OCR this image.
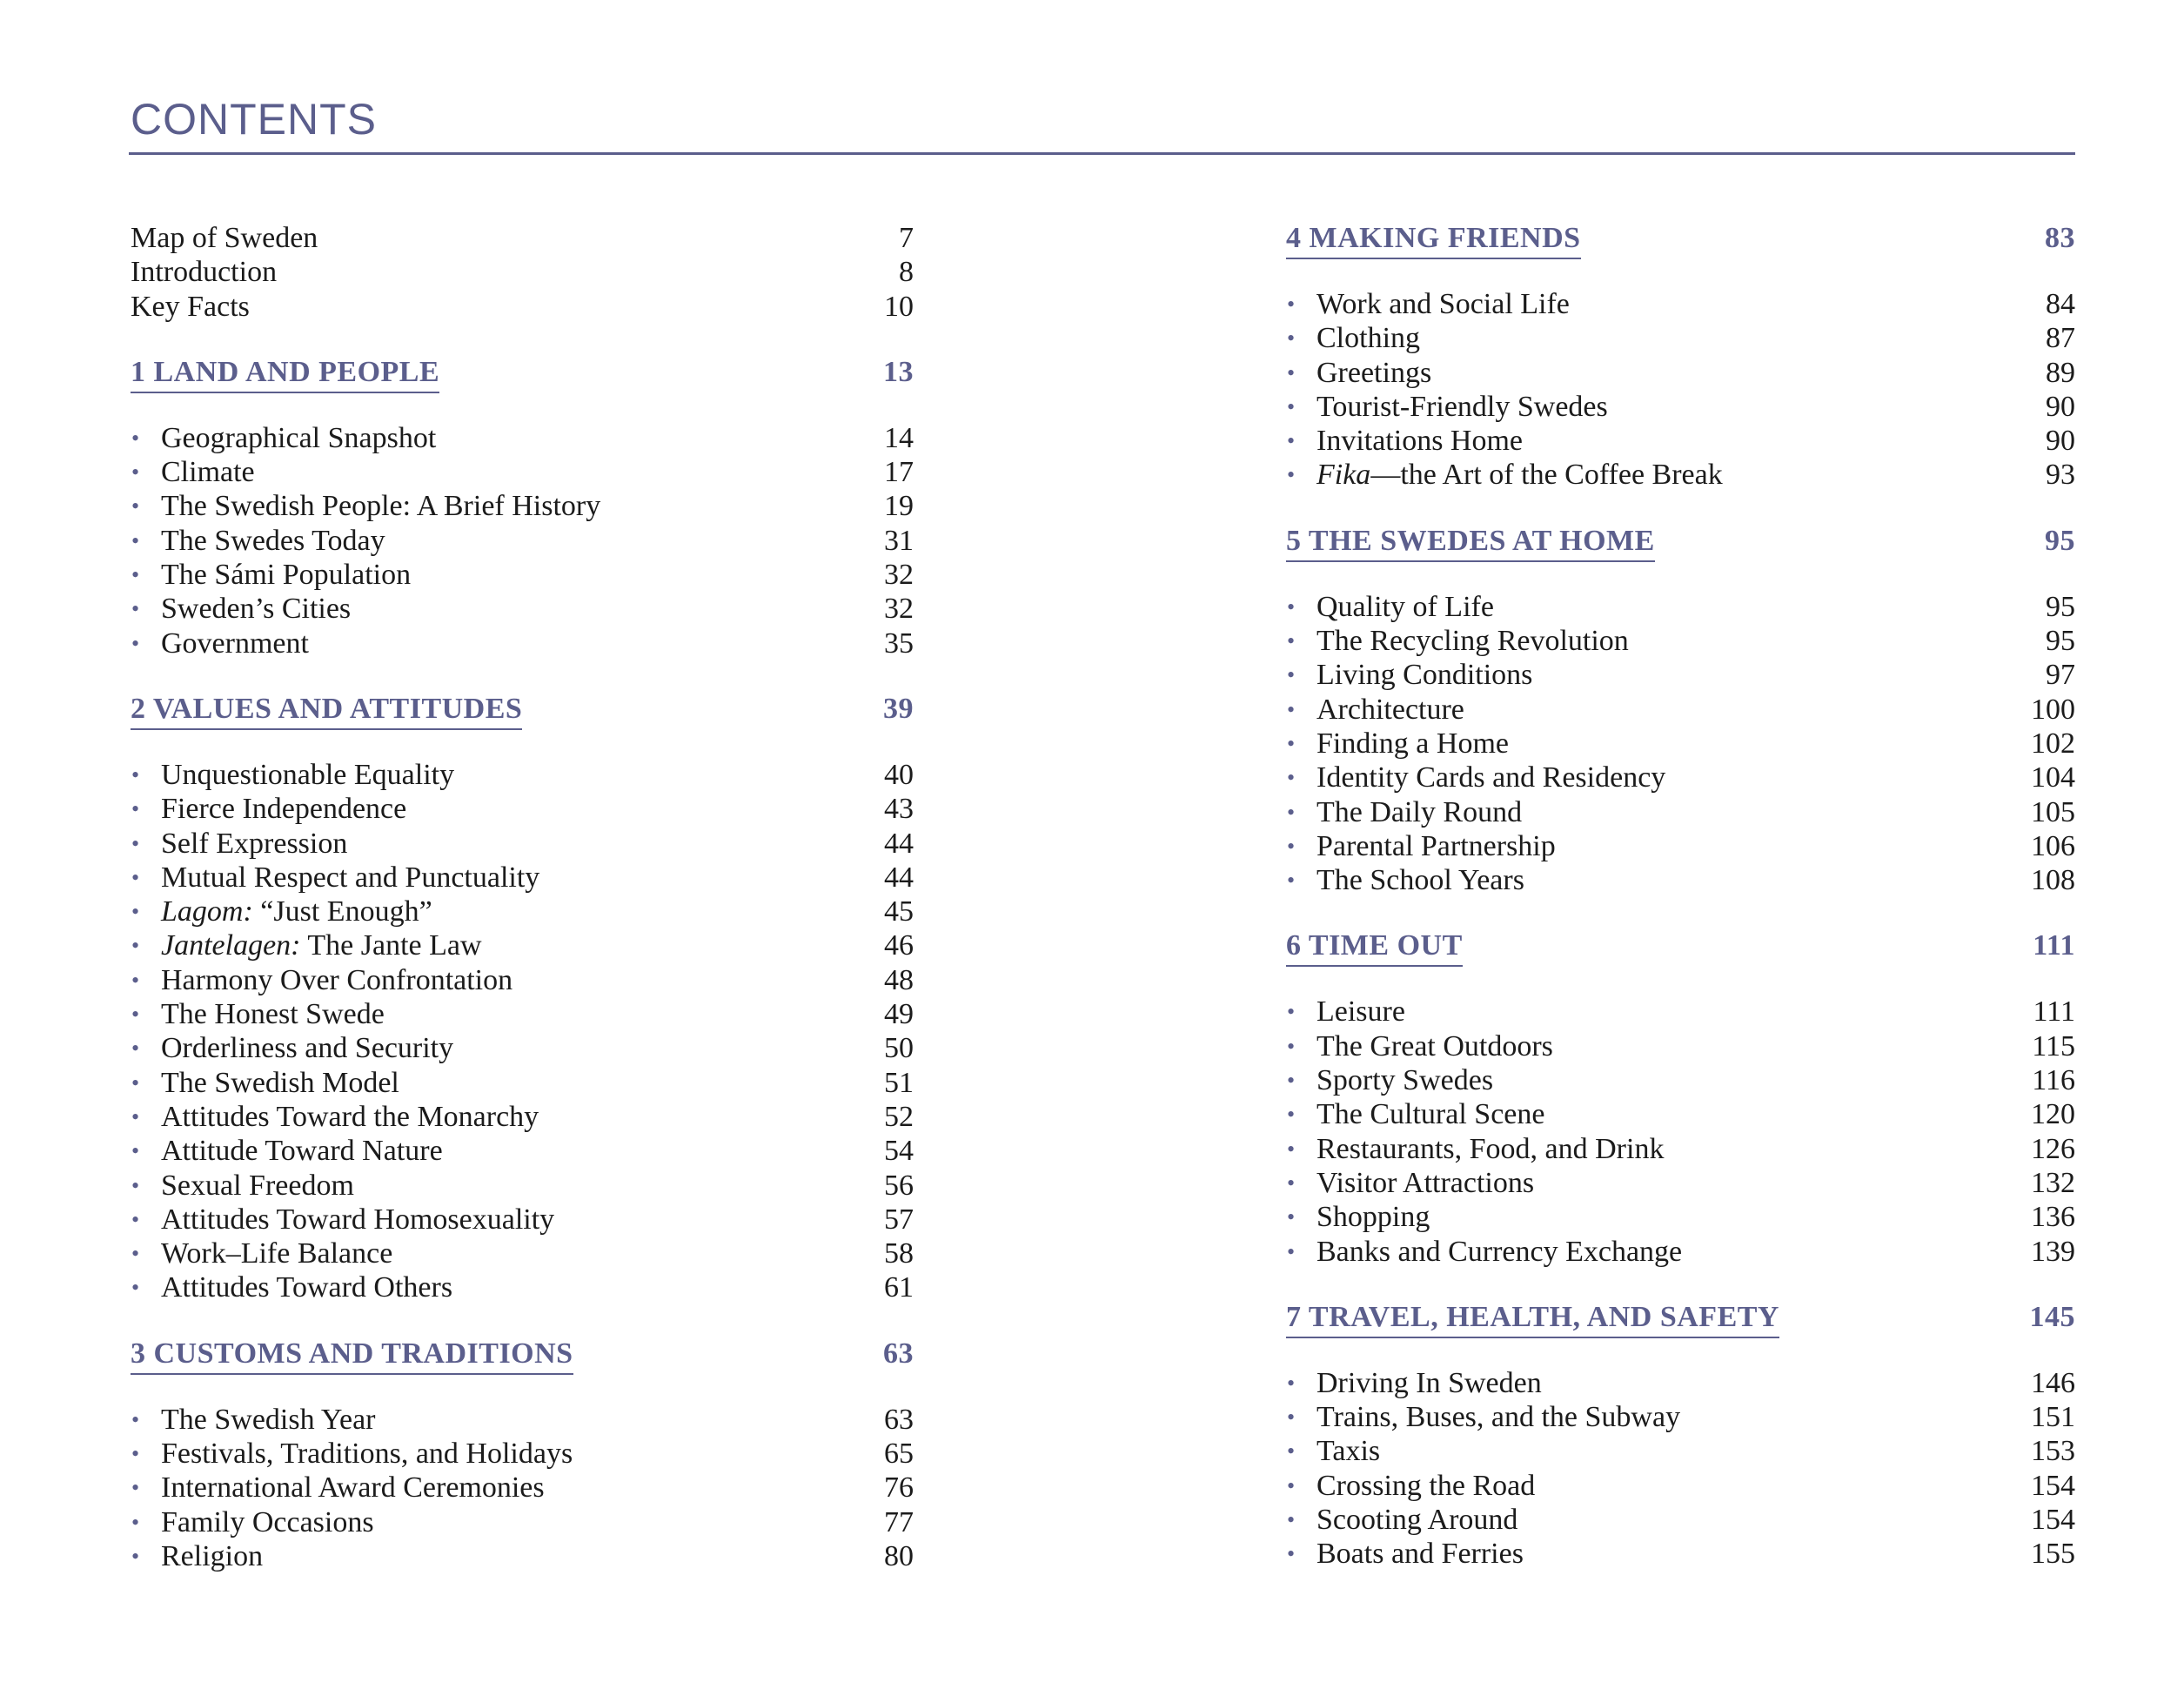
CONTENTS
Map of Sweden	7
Introduction	8
Key Facts	10
1 LAND AND PEOPLE	13
• Geographical Snapshot	14
• Climate	17
• The Swedish People: A Brief History	19
• The Swedes Today	31
• The Sámi Population	32
• Sweden’s Cities	32
• Government	35
2 VALUES AND ATTITUDES	39
• Unquestionable Equality	40
• Fierce Independence	43
• Self Expression	44
• Mutual Respect and Punctuality	44
• Lagom: “Just Enough”	45
• Jantelagen: The Jante Law	46
• Harmony Over Confrontation	48
• The Honest Swede	49
• Orderliness and Security	50
• The Swedish Model	51
• Attitudes Toward the Monarchy	52
• Attitude Toward Nature	54
• Sexual Freedom	56
• Attitudes Toward Homosexuality	57
• Work–Life Balance	58
• Attitudes Toward Others	61
3 CUSTOMS AND TRADITIONS	63
• The Swedish Year	63
• Festivals, Traditions, and Holidays	65
• International Award Ceremonies	76
• Family Occasions	77
• Religion	80
4 MAKING FRIENDS	83
• Work and Social Life	84
• Clothing	87
• Greetings	89
• Tourist-Friendly Swedes	90
• Invitations Home	90
• Fika —the Art of the Coffee Break	93
5 THE SWEDES AT HOME	95
• Quality of Life	95
• The Recycling Revolution	95
• Living Conditions	97
• Architecture	100
• Finding a Home	102
• Identity Cards and Residency	104
• The Daily Round	105
• Parental Partnership	106
• The School Years	108
6 TIME OUT	111
• Leisure	111
• The Great Outdoors	115
• Sporty Swedes	116
• The Cultural Scene	120
• Restaurants, Food, and Drink	126
• Visitor Attractions	132
• Shopping	136
• Banks and Currency Exchange	139
7 TRAVEL, HEALTH, AND SAFETY	145
• Driving In Sweden	146
• Trains, Buses, and the Subway	151
• Taxis	153
• Crossing the Road	154
• Scooting Around	154
• Boats and Ferries	155
